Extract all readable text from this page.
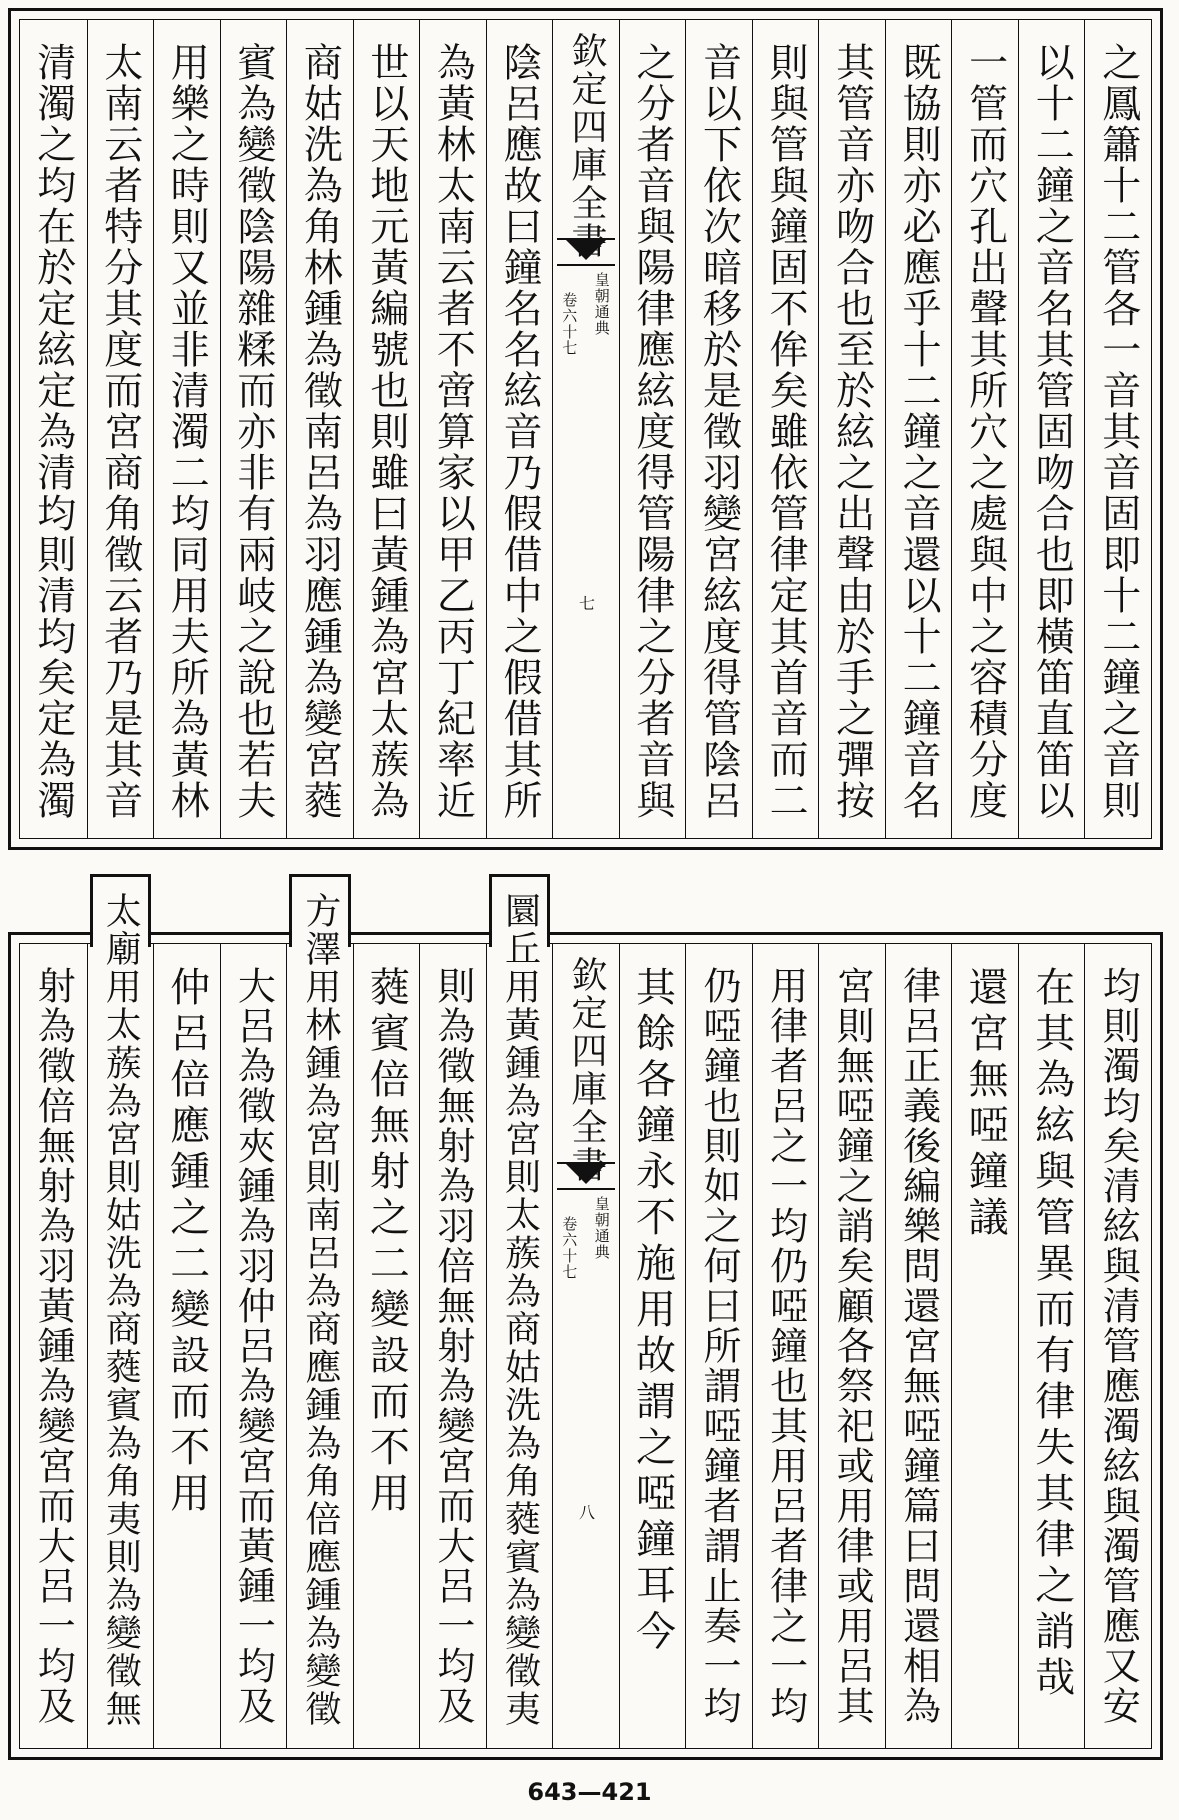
清濁之均在於定絃定為清均則清均矣定為濁 太南云者特分其度而宮商角徵云者乃是其音 用樂之時則又並非清濁二均同用夫所為黃林 賓為變徵陰陽雜糅而亦非有兩岐之說也若夫 商姑洗為角林鍾為徵南呂為羽應鍾為變宮蕤 世以天地元黃編號也則雖曰黃鍾為宮太蔟為 為黃林太南云者不啻算家以甲乙丙丁紀率近 陰呂應故曰鐘名名絃音乃假借中之假借其所 欽定四庫全書
皇朝通典
卷六十七
七 之分者音與陽律應絃度得管陽律之分者音與 音以下依次暗移於是徵羽變宮絃度得管陰呂 則與管與鐘固不侔矣雖依管律定其首音而二 其管音亦吻合也至於絃之出聲由於手之彈按 既協則亦必應乎十二鐘之音還以十二鐘音名 一管而穴孔出聲其所穴之處與中之容積分度 以十二鐘之音名其管固吻合也即橫笛直笛以 之鳳簫十二管各一音其音固即十二鐘之音則
射為徵倍無射為羽黃鍾為變宮而大呂一均及 太廟用太蔟為宮則姑洗為商蕤賓為角夷則為變徵無 仲呂倍應鍾之二變設而不用 大呂為徵夾鍾為羽仲呂為變宮而黃鍾一均及 方澤用林鍾為宮則南呂為商應鍾為角倍應鍾為變徵 蕤賓倍無射之二變設而不用 則為徵無射為羽倍無射為變宮而大呂一均及 圜丘用黃鍾為宮則太蔟為商姑洗為角蕤賓為變徵夷 欽定四庫全書
皇朝通典
卷六十七
八 其餘各鐘永不施用故謂之啞鐘耳今 仍啞鐘也則如之何曰所謂啞鐘者謂止奏一均 用律者呂之一均仍啞鐘也其用呂者律之一均 宮則無啞鐘之誚矣顧各祭祀或用律或用呂其 律呂正義後編樂問還宮無啞鐘篇曰問還相為 還宮無啞鐘議 在其為絃與管異而有律失其律之誚哉 均則濁均矣清絃與清管應濁絃與濁管應又安
643—421
